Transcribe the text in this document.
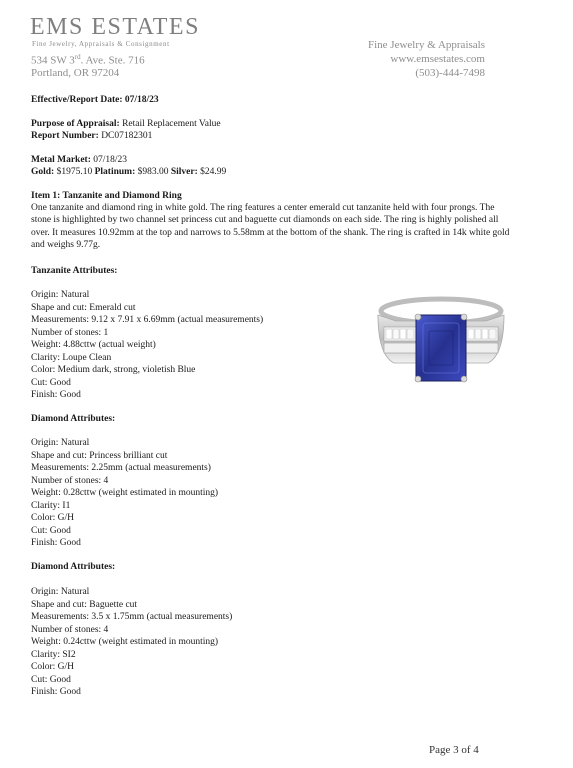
EMS ESTATES
Fine Jewelry, Appraisals & Consignment
534 SW 3rd. Ave. Ste. 716
Portland, OR 97204
Fine Jewelry & Appraisals
www.emsestates.com
(503)-444-7498
Effective/Report Date: 07/18/23
Purpose of Appraisal: Retail Replacement Value
Report Number: DC07182301
Metal Market: 07/18/23
Gold: $1975.10 Platinum: $983.00 Silver: $24.99
Item 1: Tanzanite and Diamond Ring
One tanzanite and diamond ring in white gold. The ring features a center emerald cut tanzanite held with four prongs. The stone is highlighted by two channel set princess cut and baguette cut diamonds on each side. The ring is highly polished all over. It measures 10.92mm at the top and narrows to 5.58mm at the bottom of the shank. The ring is crafted in 14k white gold and weighs 9.77g.
Tanzanite Attributes:
Origin: Natural
Shape and cut: Emerald cut
Measurements: 9.12 x 7.91 x 6.69mm (actual measurements)
Number of stones: 1
Weight: 4.88cttw (actual weight)
Clarity: Loupe Clean
Color: Medium dark, strong, violetish Blue
Cut: Good
Finish: Good
Diamond Attributes:
Origin: Natural
Shape and cut: Princess brilliant cut
Measurements: 2.25mm (actual measurements)
Number of stones: 4
Weight: 0.28cttw (weight estimated in mounting)
Clarity: I1
Color: G/H
Cut: Good
Finish: Good
Diamond Attributes:
Origin: Natural
Shape and cut: Baguette cut
Measurements: 3.5 x 1.75mm (actual measurements)
Number of stones: 4
Weight: 0.24cttw (weight estimated in mounting)
Clarity: SI2
Color: G/H
Cut: Good
Finish: Good
Page 3 of 4
